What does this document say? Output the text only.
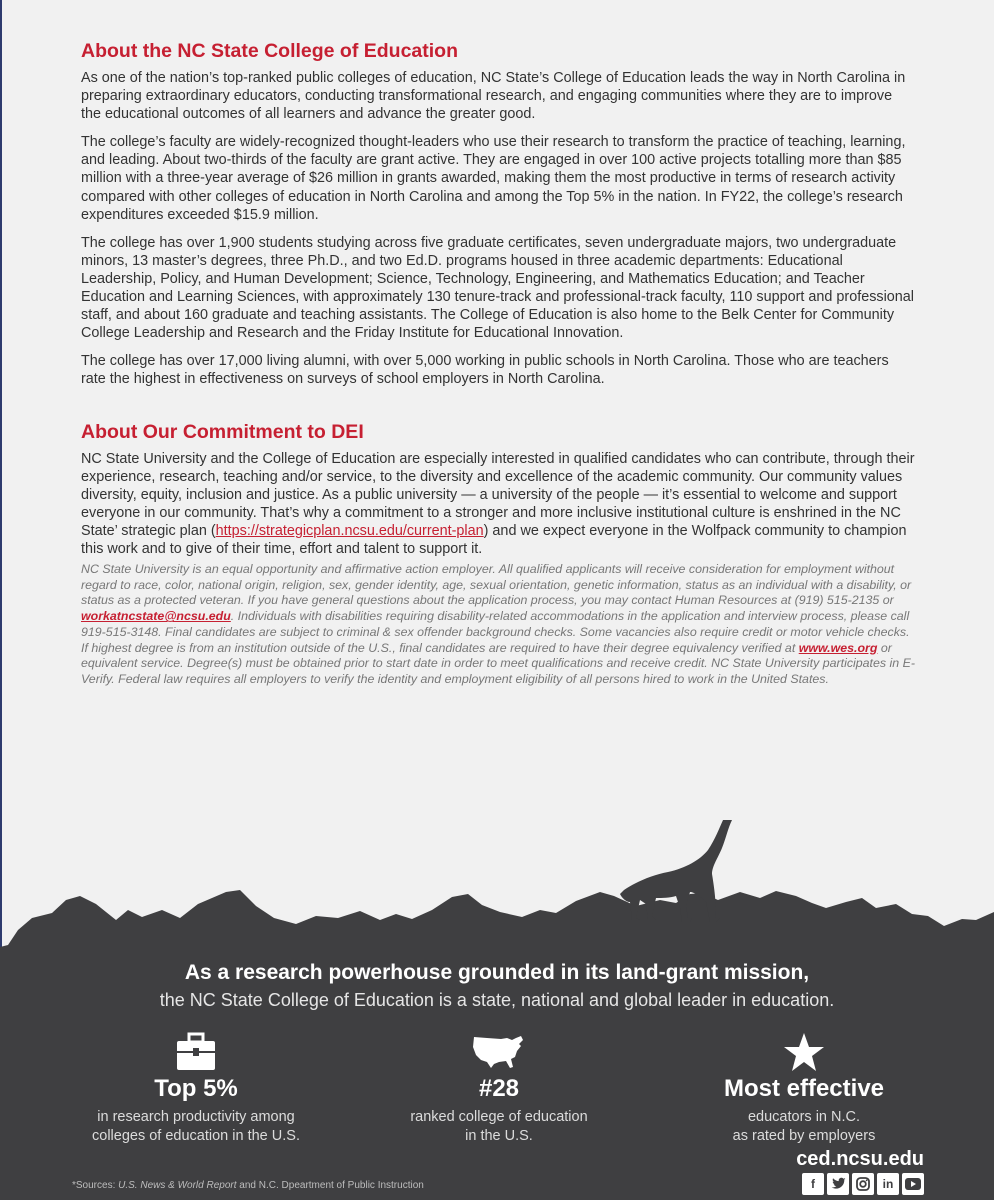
About the NC State College of Education

As one of the nation’s top-ranked public colleges of education, NC State’s College of Education leads the way in North Carolina in preparing extraordinary educators, conducting transformational research, and engaging communities where they are to improve the educational outcomes of all learners and advance the greater good.

The college’s faculty are widely-recognized thought-leaders who use their research to transform the practice of teaching, learning, and leading. About two-thirds of the faculty are grant active. They are engaged in over 100 active projects totalling more than $85 million with a three-year average of $26 million in grants awarded, making them the most productive in terms of research activity compared with other colleges of education in North Carolina and among the Top 5% in the nation. In FY22, the college’s research expenditures exceeded $15.9 million.

The college has over 1,900 students studying across five graduate certificates, seven undergraduate majors, two undergraduate minors, 13 master’s degrees, three Ph.D., and two Ed.D. programs housed in three academic departments: Educational Leadership, Policy, and Human Development; Science, Technology, Engineering, and Mathematics Education; and Teacher Education and Learning Sciences, with approximately 130 tenure-track and professional-track faculty, 110 support and professional staff, and about 160 graduate and teaching assistants. The College of Education is also home to the Belk Center for Community College Leadership and Research and the Friday Institute for Educational Innovation.

The college has over 17,000 living alumni, with over 5,000 working in public schools in North Carolina. Those who are teachers rate the highest in effectiveness on surveys of school employers in North Carolina.

About Our Commitment to DEI

NC State University and the College of Education are especially interested in qualified candidates who can contribute, through their experience, research, teaching and/or service, to the diversity and excellence of the academic community. Our community values diversity, equity, inclusion and justice. As a public university — a university of the people — it’s essential to welcome and support everyone in our community. That’s why a commitment to a stronger and more inclusive institutional culture is enshrined in the NC State’ strategic plan (https://strategicplan.ncsu.edu/current-plan) and we expect everyone in the Wolfpack community to champion this work and to give of their time, effort and talent to support it.

NC State University is an equal opportunity and affirmative action employer. All qualified applicants will receive consideration for employment without regard to race, color, national origin, religion, sex, gender identity, age, sexual orientation, genetic information, status as an individual with a disability, or status as a protected veteran. If you have general questions about the application process, you may contact Human Resources at (919) 515-2135 or workatncstate@ncsu.edu. Individuals with disabilities requiring disability-related accommodations in the application and interview process, please call 919-515-3148. Final candidates are subject to criminal & sex offender background checks. Some vacancies also require credit or motor vehicle checks. If highest degree is from an institution outside of the U.S., final candidates are required to have their degree equivalency verified at www.wes.org or equivalent service. Degree(s) must be obtained prior to start date in order to meet qualifications and receive credit. NC State University participates in E-Verify. Federal law requires all employers to verify the identity and employment eligibility of all persons hired to work in the United States.

As a research powerhouse grounded in its land-grant mission,
the NC State College of Education is a state, national and global leader in education.
Top 5%
in research productivity among
colleges of education in the U.S.
#28
ranked college of education
in the U.S.
Most effective
educators in N.C.
as rated by employers
*Sources: U.S. News & World Report and N.C. Dpeartment of Public Instruction
ced.ncsu.edu
f	in
